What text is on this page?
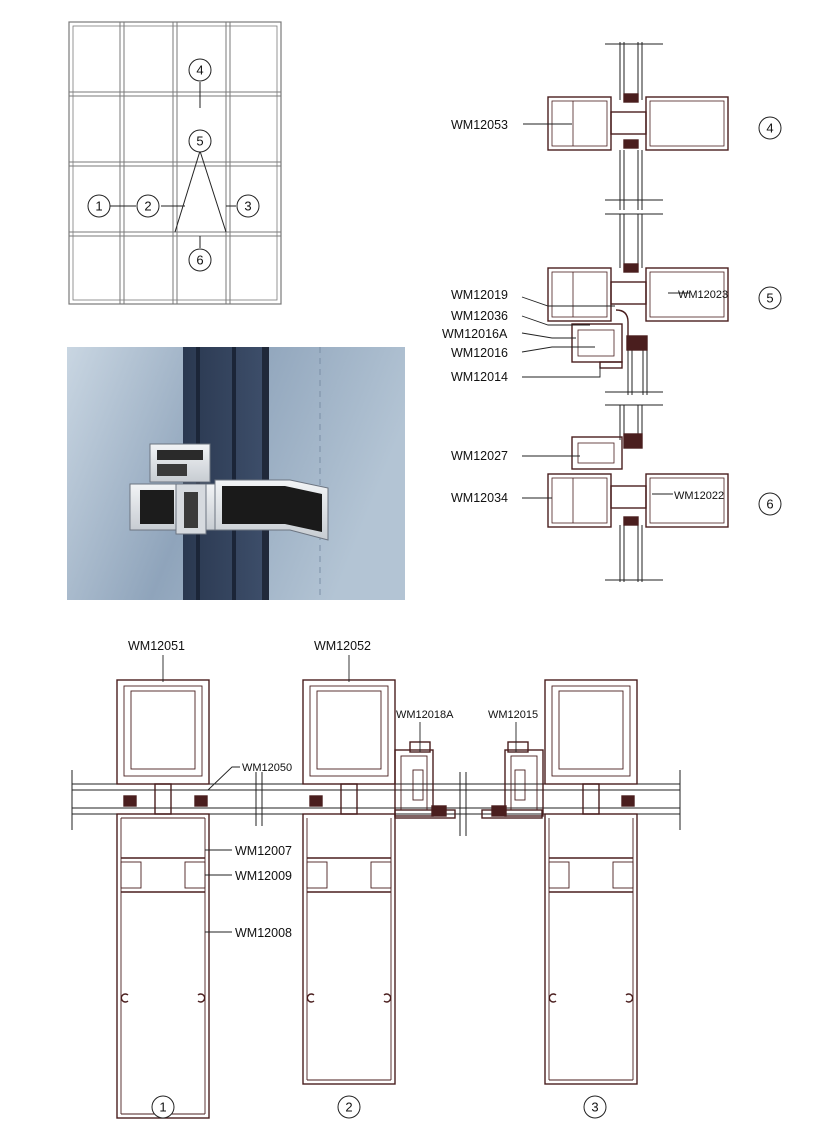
4
5
1	2	3
6
WM12053
WM12019
WM12036
WM12016A
WM12016
WM12014
WM12023
WM12027
WM12034	WM12022
4
5
6
WM12051	WM12052
WM12018A	WM12015
WM12050
WM12007
WM12009
WM12008
1	2	3
